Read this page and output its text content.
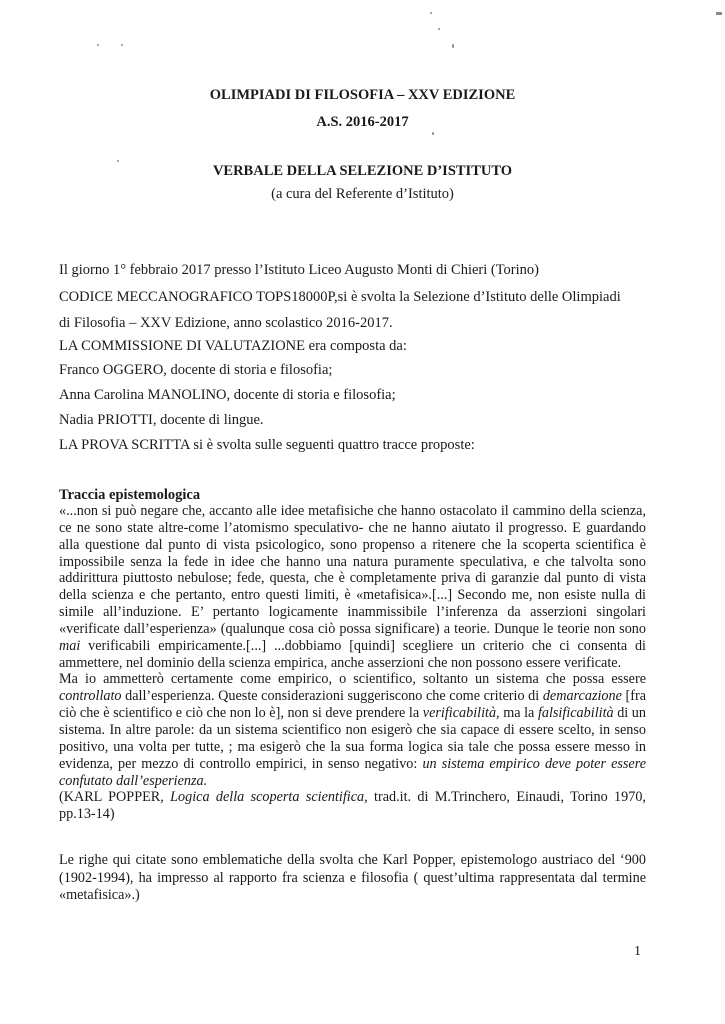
OLIMPIADI DI FILOSOFIA – XXV EDIZIONE
A.S. 2016-2017
VERBALE DELLA SELEZIONE D’ISTITUTO

(a cura del Referente d’Istituto)

Il giorno 1° febbraio 2017 presso l’Istituto Liceo Augusto Monti di Chieri (Torino)

CODICE MECCANOGRAFICO TOPS18000P,si è svolta la Selezione d’Istituto delle Olimpiadi

di Filosofia – XXV Edizione, anno scolastico 2016-2017.

LA COMMISSIONE DI VALUTAZIONE era composta da:

Franco OGGERO, docente di storia e filosofia;

Anna Carolina MANOLINO, docente di storia e filosofia;

Nadia PRIOTTI, docente di lingue.

LA PROVA SCRITTA si è svolta sulle seguenti quattro tracce proposte:

Traccia epistemologica

«...non si può negare che, accanto alle idee metafisiche che hanno ostacolato il cammino della scienza, ce ne sono state altre-come l’atomismo speculativo- che ne hanno aiutato il progresso. E guardando alla questione dal punto di vista psicologico, sono propenso a ritenere che la scoperta scientifica è impossibile senza la fede in idee che hanno una natura puramente speculativa, e che talvolta sono addirittura piuttosto nebulose; fede, questa, che è completamente priva di garanzie dal punto di vista della scienza e che pertanto, entro questi limiti, è «metafisica».[...] Secondo me, non esiste nulla di simile all’induzione. E’ pertanto logicamente inammissibile l’inferenza da asserzioni singolari «verificate dall’esperienza» (qualunque cosa ciò possa significare) a teorie. Dunque le teorie non sono mai verificabili empiricamente.[...] ...dobbiamo [quindi] scegliere un criterio che ci consenta di ammettere, nel dominio della scienza empirica, anche asserzioni che non possono essere verificate.

Ma io ammetterò certamente come empirico, o scientifico, soltanto un sistema che possa essere controllato dall’esperienza. Queste considerazioni suggeriscono che come criterio di demarcazione [fra ciò che è scientifico e ciò che non lo è], non si deve prendere la verificabilità, ma la falsificabilità di un sistema. In altre parole: da un sistema scientifico non esigerò che sia capace di essere scelto, in senso positivo, una volta per tutte, ; ma esigerò che la sua forma logica sia tale che possa essere messo in evidenza, per mezzo di controllo empirici, in senso negativo: un sistema empirico deve poter essere confutato dall’esperienza.

(KARL POPPER, Logica della scoperta scientifica, trad.it. di M.Trinchero, Einaudi, Torino 1970, pp.13-14)

Le righe qui citate sono emblematiche della svolta che Karl Popper, epistemologo austriaco del ‘900 (1902-1994), ha impresso al rapporto fra scienza e filosofia ( quest’ultima rappresentata dal termine «metafisica».)

1
